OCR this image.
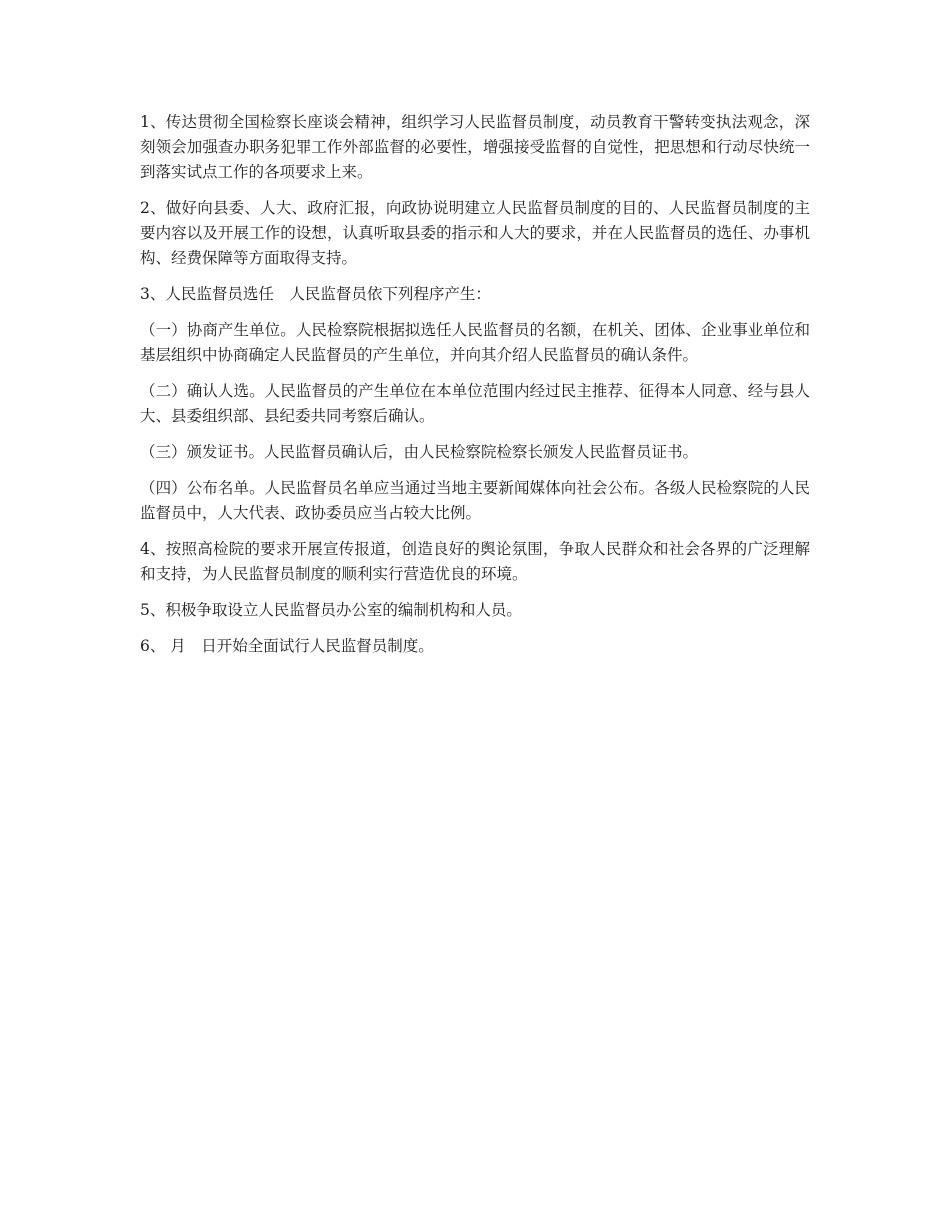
1、传达贯彻全国检察长座谈会精神，组织学习人民监督员制度，动员教育干警转变执法观念，深刻领会加强查办职务犯罪工作外部监督的必要性，增强接受监督的自觉性，把思想和行动尽快统一到落实试点工作的各项要求上来。

2、做好向县委、人大、政府汇报，向政协说明建立人民监督员制度的目的、人民监督员制度的主要内容以及开展工作的设想，认真听取县委的指示和人大的要求，并在人民监督员的选任、办事机构、经费保障等方面取得支持。

3、人民监督员选任　人民监督员依下列程序产生：

（一）协商产生单位。人民检察院根据拟选任人民监督员的名额，在机关、团体、企业事业单位和基层组织中协商确定人民监督员的产生单位，并向其介绍人民监督员的确认条件。

（二）确认人选。人民监督员的产生单位在本单位范围内经过民主推荐、征得本人同意、经与县人大、县委组织部、县纪委共同考察后确认。

（三）颁发证书。人民监督员确认后，由人民检察院检察长颁发人民监督员证书。

（四）公布名单。人民监督员名单应当通过当地主要新闻媒体向社会公布。各级人民检察院的人民监督员中，人大代表、政协委员应当占较大比例。

4、按照高检院的要求开展宣传报道，创造良好的舆论氛围，争取人民群众和社会各界的广泛理解和支持，为人民监督员制度的顺利实行营造优良的环境。

5、积极争取设立人民监督员办公室的编制机构和人员。

6、 月　日开始全面试行人民监督员制度。
